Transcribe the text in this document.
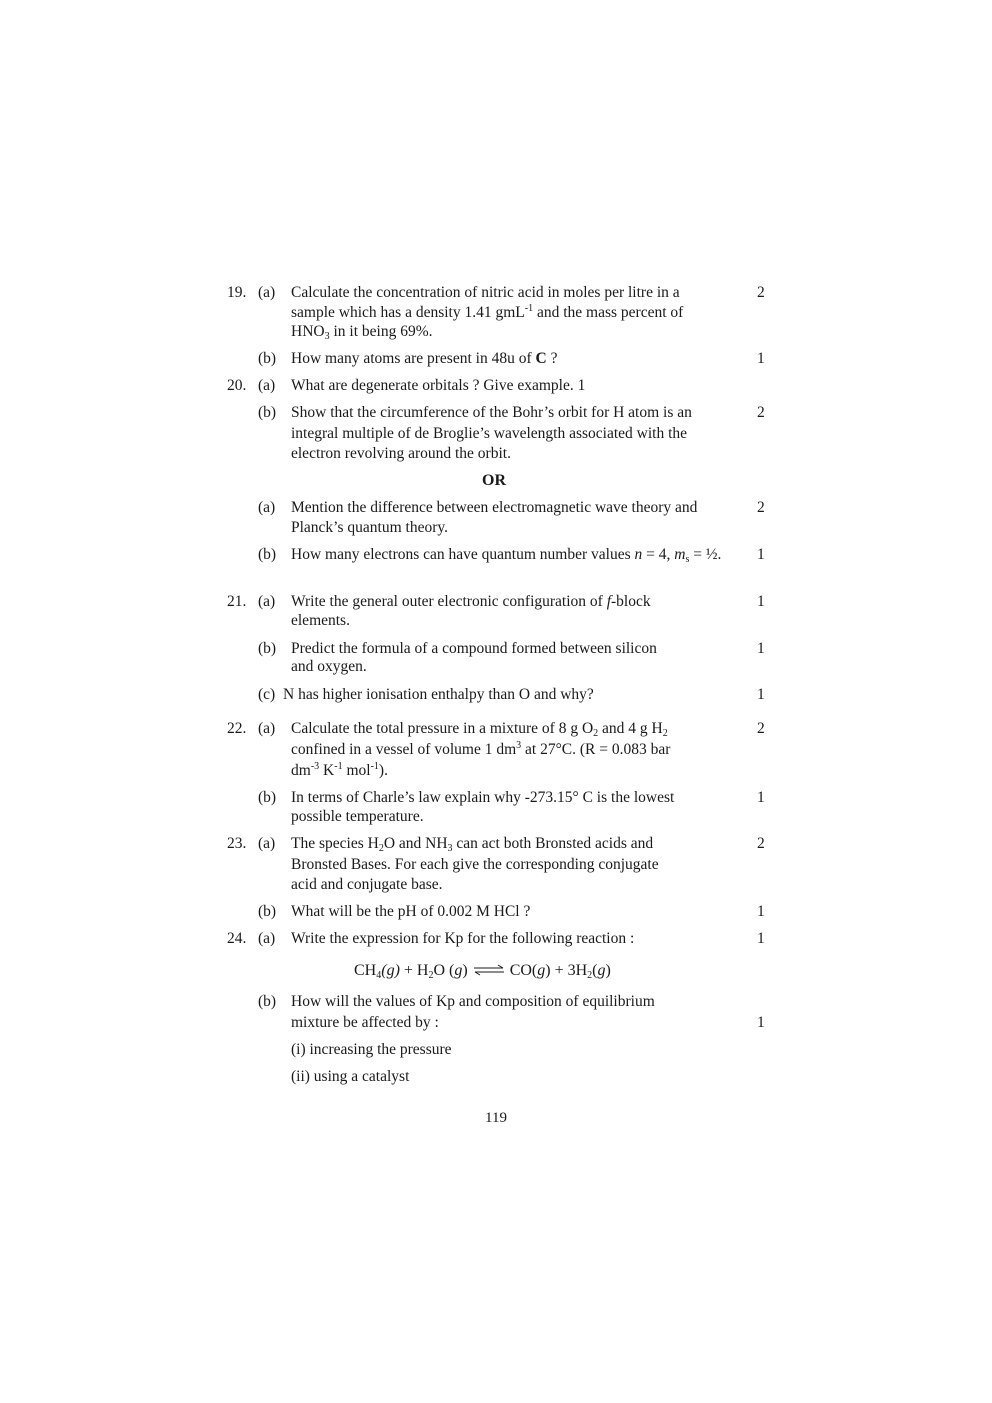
19. (a) Calculate the concentration of nitric acid in moles per litre in a	2
sample which has a density 1.41 gmL$^{-1}$ and the mass percent of
$HNO_3$ in it being 69%.
(b) How many atoms are present in 48u of C ?	1
20. (a) What are degenerate orbitals ? Give example. 1
(b) Show that the circumference of the Bohr’s orbit for H atom is an	2
integral multiple of de Broglie’s wavelength associated with the
electron revolving around the orbit.
OR
(a) Mention the difference between electromagnetic wave theory and	2
Planck’s quantum theory.
(b) How many electrons can have quantum number values n = 4, $m_s$ = ½. 1
21. (a) Write the general outer electronic configuration of f-block	1
elements.
(b) Predict the formula of a compound formed between silicon	1
and oxygen.
(c) N has higher ionisation enthalpy than O and why?	1
22. (a) Calculate the total pressure in a mixture of 8 g $O_2$ and 4 g $H_2$	2
confined in a vessel of volume 1 $dm^3$ at 27°C. (R = 0.083 bar
$dm^{-3}$ $K^{-1}$ mol$^{-1}$).
(b) In terms of Charle’s law explain why -273.15° C is the lowest	1
possible temperature.
23. (a) The species $H_2O$ and $NH_3$ can act both Bronsted acids and	2
Bronsted Bases. For each give the corresponding conjugate
acid and conjugate base.
(b) What will be the pH of 0.002 M HCl ?	1
24. (a) Write the expression for Kp for the following reaction :	1
$CH_4(g) + H_2O$ (g) ⇌ $CO(g) + 3H_2(g)$
(b) How will the values of Kp and composition of equilibrium
mixture be affected by :	1
(i) increasing the pressure
(ii) using a catalyst
119
